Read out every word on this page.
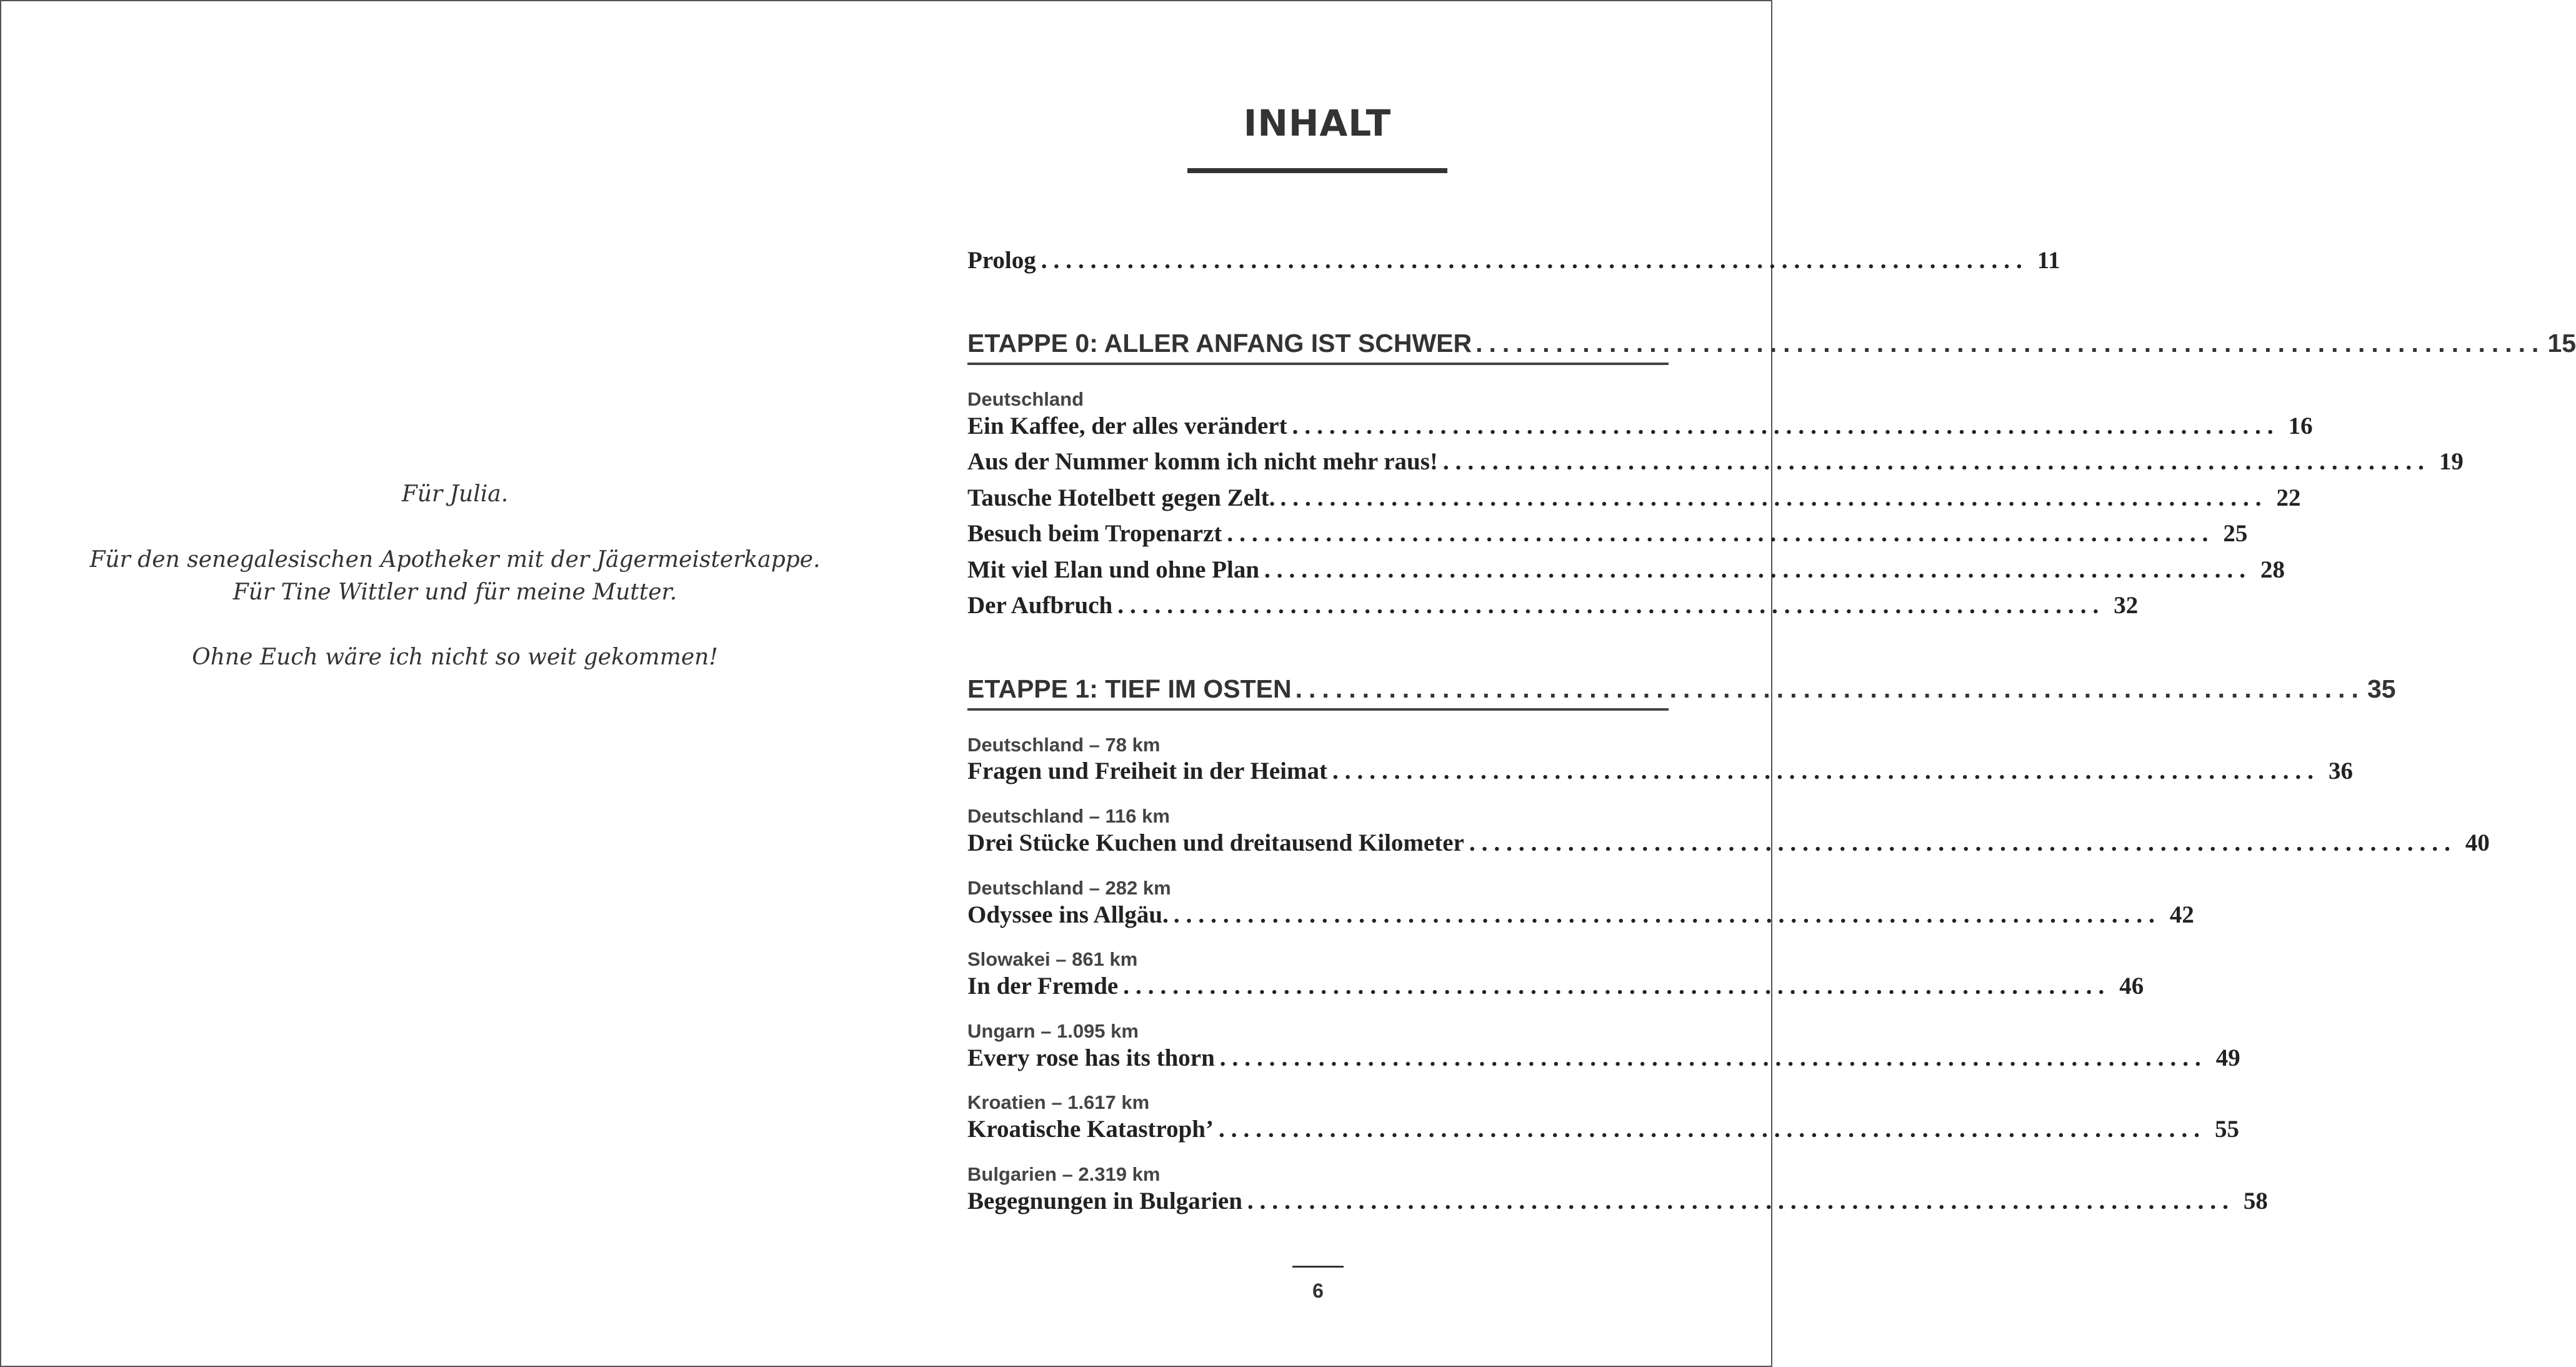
Für Julia.
Für den senegalesischen Apotheker mit der Jägermeisterkappe.
Für Tine Wittler und für meine Mutter.
Ohne Euch wäre ich nicht so weit gekommen!
INHALT
Prolog ................................................................................ 11
ETAPPE 0: ALLER ANFANG IST SCHWER ................................................................................ 15
Deutschland
Ein Kaffee, der alles verändert ................................................................................ 16
Aus der Nummer komm ich nicht mehr raus! ................................................................................ 19
Tausche Hotelbett gegen Zelt. ................................................................................ 22
Besuch beim Tropenarzt ................................................................................ 25
Mit viel Elan und ohne Plan ................................................................................ 28
Der Aufbruch ................................................................................ 32
ETAPPE 1: TIEF IM OSTEN ................................................................................ 35
Deutschland – 78 km
Fragen und Freiheit in der Heimat ................................................................................ 36
Deutschland – 116 km
Drei Stücke Kuchen und dreitausend Kilometer ................................................................................ 40
Deutschland – 282 km
Odyssee ins Allgäu. ................................................................................ 42
Slowakei – 861 km
In der Fremde ................................................................................ 46
Ungarn – 1.095 km
Every rose has its thorn ................................................................................ 49
Kroatien – 1.617 km
Kroatische Katastroph’ ................................................................................ 55
Bulgarien – 2.319 km
Begegnungen in Bulgarien ................................................................................ 58
6
